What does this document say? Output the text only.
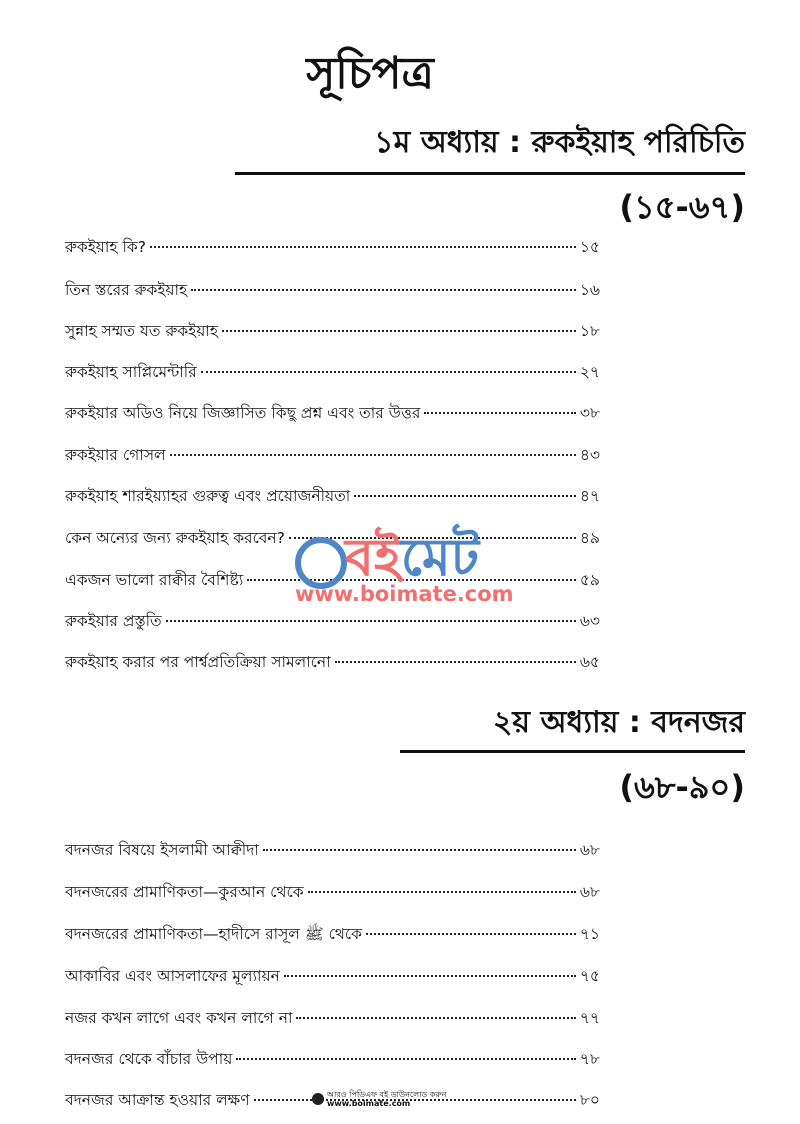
সূচিপত্র
১ম অধ্যায় : রুকইয়াহ পরিচিতি
(১৫-৬৭)
রুকইয়াহ কি?	১৫
তিন স্তরের রুকইয়াহ	১৬
সুন্নাহ সম্মত যত রুকইয়াহ	১৮
রুকইয়াহ সাপ্লিমেন্টারি	২৭
রুকইয়ার অডিও নিয়ে জিজ্ঞাসিত কিছু প্রশ্ন এবং তার উত্তর	৩৮
রুকইয়ার গোসল	৪৩
রুকইয়াহ শারইয়্যাহর গুরুত্ব এবং প্রয়োজনীয়তা	৪৭
কেন অন্যের জন্য রুকইয়াহ করবেন?	৪৯
একজন ভালো রাক্বীর বৈশিষ্ট্য	৫৯
রুকইয়ার প্রস্তুতি	৬৩
রুকইয়াহ করার পর পার্শ্বপ্রতিক্রিয়া সামলানো	৬৫
২য় অধ্যায় : বদনজর
(৬৮-৯০)
বদনজর বিষয়ে ইসলামী আক্বীদা	৬৮
বদনজরের প্রামাণিকতা—কুরআন থেকে	৬৮
বদনজরের প্রামাণিকতা—হাদীসে রাসূল ﷺ থেকে	৭১
আকাবির এবং আসলাফের মূল্যায়ন	৭৫
নজর কখন লাগে এবং কখন লাগে না	৭৭
বদনজর থেকে বাঁচার উপায়	৭৮
বদনজর আক্রান্ত হওয়ার লক্ষণ	৮০
বইমেট
www.boimate.com
আরও পিডিএফ বই ডাউনলোড করুন
www.boimate.com
